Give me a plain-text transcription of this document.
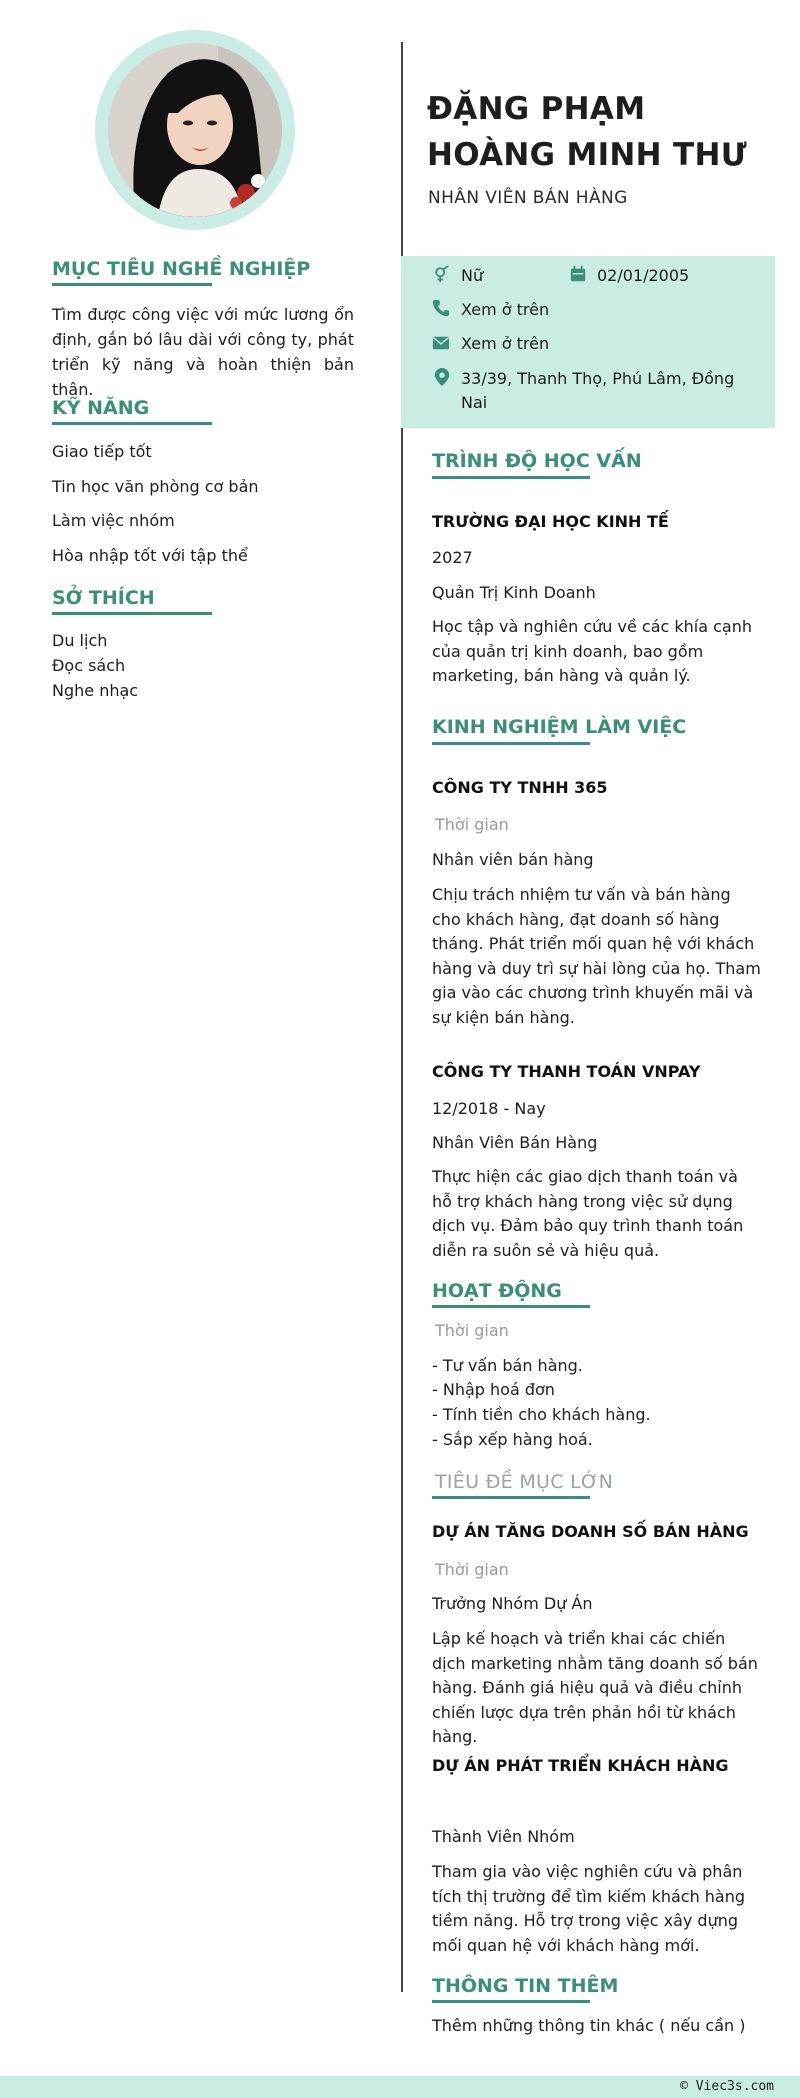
MỤC TIÊU NGHỀ NGHIỆP
Tìm được công việc với mức lương ổn định, gắn bó lâu dài với công ty, phát triển kỹ năng và hoàn thiện bản thân.
KỸ NĂNG
Giao tiếp tốt
Tin học văn phòng cơ bản
Làm việc nhóm
Hòa nhập tốt với tập thể
SỞ THÍCH
Du lịch
Đọc sách
Nghe nhạc
ĐẶNG PHẠM HOÀNG MINH THƯ
NHÂN VIÊN BÁN HÀNG
Nữ	02/01/2005
Xem ở trên
Xem ở trên
33/39, Thanh Thọ, Phú Lâm, Đồng Nai
TRÌNH ĐỘ HỌC VẤN
TRƯỜNG ĐẠI HỌC KINH TẾ
2027
Quản Trị Kinh Doanh
Học tập và nghiên cứu về các khía cạnh của quản trị kinh doanh, bao gồm marketing, bán hàng và quản lý.
KINH NGHIỆM LÀM VIỆC
CÔNG TY TNHH 365
Thời gian
Nhân viên bán hàng
Chịu trách nhiệm tư vấn và bán hàng cho khách hàng, đạt doanh số hàng tháng. Phát triển mối quan hệ với khách hàng và duy trì sự hài lòng của họ. Tham gia vào các chương trình khuyến mãi và sự kiện bán hàng.
CÔNG TY THANH TOÁN VNPAY
12/2018 - Nay
Nhân Viên Bán Hàng
Thực hiện các giao dịch thanh toán và hỗ trợ khách hàng trong việc sử dụng dịch vụ. Đảm bảo quy trình thanh toán diễn ra suôn sẻ và hiệu quả.
HOẠT ĐỘNG
Thời gian
- Tư vấn bán hàng.
- Nhập hoá đơn
- Tính tiền cho khách hàng.
- Sắp xếp hàng hoá.
TIÊU ĐỀ MỤC LỚN
DỰ ÁN TĂNG DOANH SỐ BÁN HÀNG
Thời gian
Trưởng Nhóm Dự Án
Lập kế hoạch và triển khai các chiến dịch marketing nhằm tăng doanh số bán hàng. Đánh giá hiệu quả và điều chỉnh chiến lược dựa trên phản hồi từ khách hàng.
DỰ ÁN PHÁT TRIỂN KHÁCH HÀNG
Thành Viên Nhóm
Tham gia vào việc nghiên cứu và phân tích thị trường để tìm kiếm khách hàng tiềm năng. Hỗ trợ trong việc xây dựng mối quan hệ với khách hàng mới.
THÔNG TIN THÊM
Thêm những thông tin khác ( nếu cần )
© Viec3s.com
